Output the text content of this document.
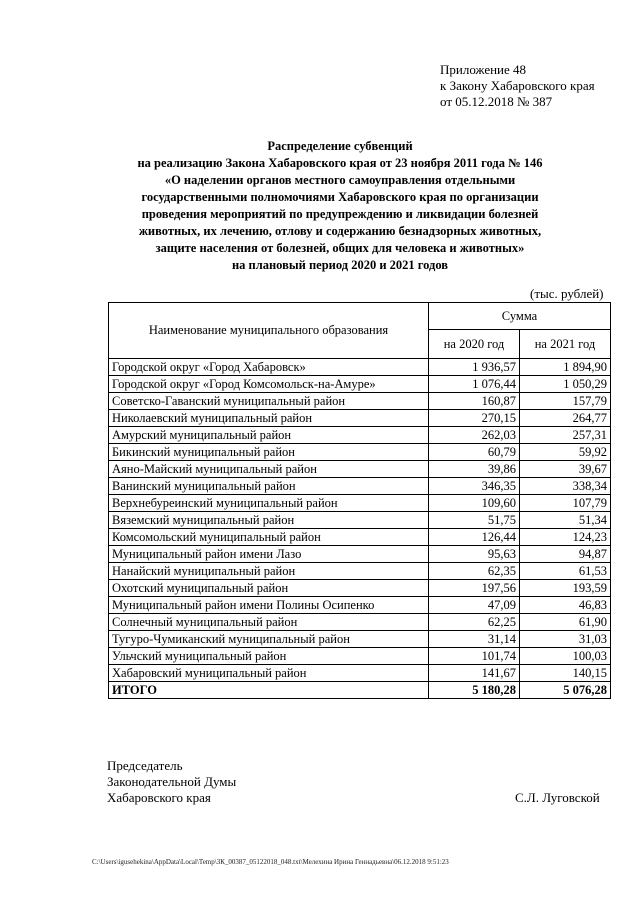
Приложение 48
к Закону Хабаровского края
от 05.12.2018 № 387
Распределение субвенций
на реализацию Закона Хабаровского края от 23 ноября 2011 года № 146
«О наделении органов местного самоуправления отдельными
государственными полномочиями Хабаровского края по организации
проведения мероприятий по предупреждению и ликвидации болезней
животных, их лечению, отлову и содержанию безнадзорных животных,
защите населения от болезней, общих для человека и животных»
на плановый период 2020 и 2021 годов
(тыс. рублей)
Наименование муниципального образования	Сумма	
	на 2020 год	на 2021 год
Городской округ «Город Хабаровск»	1 936,57	1 894,90
Городской округ «Город Комсомольск-на-Амуре»	1 076,44	1 050,29
Советско-Гаванский муниципальный район	160,87	157,79
Николаевский муниципальный район	270,15	264,77
Амурский муниципальный район	262,03	257,31
Бикинский муниципальный район	60,79	59,92
Аяно-Майский муниципальный район	39,86	39,67
Ванинский муниципальный район	346,35	338,34
Верхнебуреинский муниципальный район	109,60	107,79
Вяземский муниципальный район	51,75	51,34
Комсомольский муниципальный район	126,44	124,23
Муниципальный район имени Лазо	95,63	94,87
Нанайский муниципальный район	62,35	61,53
Охотский муниципальный район	197,56	193,59
Муниципальный район имени Полины Осипенко	47,09	46,83
Солнечный муниципальный район	62,25	61,90
Тугуро-Чумиканский муниципальный район	31,14	31,03
Ульчский муниципальный район	101,74	100,03
Хабаровский муниципальный район	141,67	140,15
ИТОГО	5 180,28	5 076,28
Председатель
Законодательной Думы
Хабаровского края	С.Л. Луговской
C:\Users\igusehekina\AppData\Local\Temp\ЗК_00387_05122018_048.txt\Мелехина Ирина Геннадьевна\06.12.2018 9:51:23
